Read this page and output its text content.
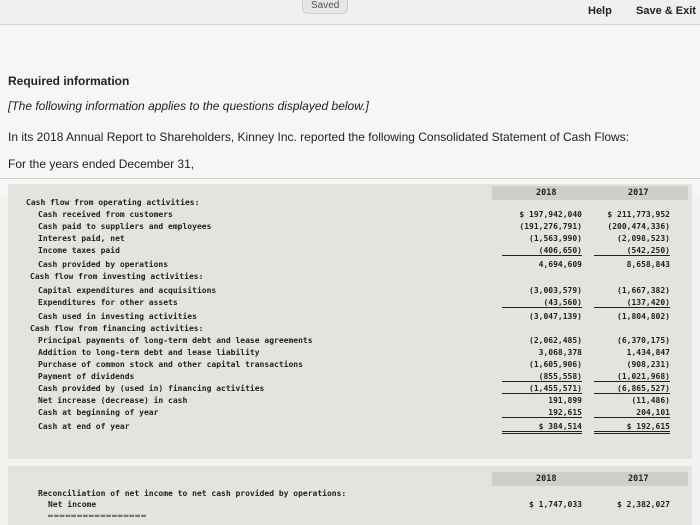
Saved	Help Save & Exit
Required information
[The following information applies to the questions displayed below.]
In its 2018 Annual Report to Shareholders, Kinney Inc. reported the following Consolidated Statement of Cash Flows:
For the years ended December 31,
2018	2017
Cash flow from operating activities:
Cash received from customers	$ 197,942,040	$ 211,773,952
Cash paid to suppliers and employees	(191,276,791)	(200,474,336)
Interest paid, net	(1,563,990)	(2,098,523)
Income taxes paid	(406,650)	(542,250)
Cash provided by operations	4,694,609	8,658,843
Cash flow from investing activities:
Capital expenditures and acquisitions	(3,003,579)	(1,667,382)
Expenditures for other assets	(43,560)	(137,420)
Cash used in investing activities	(3,047,139)	(1,804,802)
Cash flow from financing activities:
Principal payments of long-term debt and lease agreements	(2,062,485)	(6,370,175)
Addition to long-term debt and lease liability	3,068,378	1,434,847
Purchase of common stock and other capital transactions	(1,605,906)	(908,231)
Payment of dividends	(855,558)	(1,021,968)
Cash provided by (used in) financing activities	(1,455,571)	(6,865,527)
Net increase (decrease) in cash	191,899	(11,486)
Cash at beginning of year	192,615	204,101
Cash at end of year	$ 384,514	$ 192,615
2018	2017
Reconciliation of net income to net cash provided by operations:
Net income	$ 1,747,033	$ 2,382,027
▬▬▬▬▬▬▬▬▬▬▬▬▬▬▬▬▬
